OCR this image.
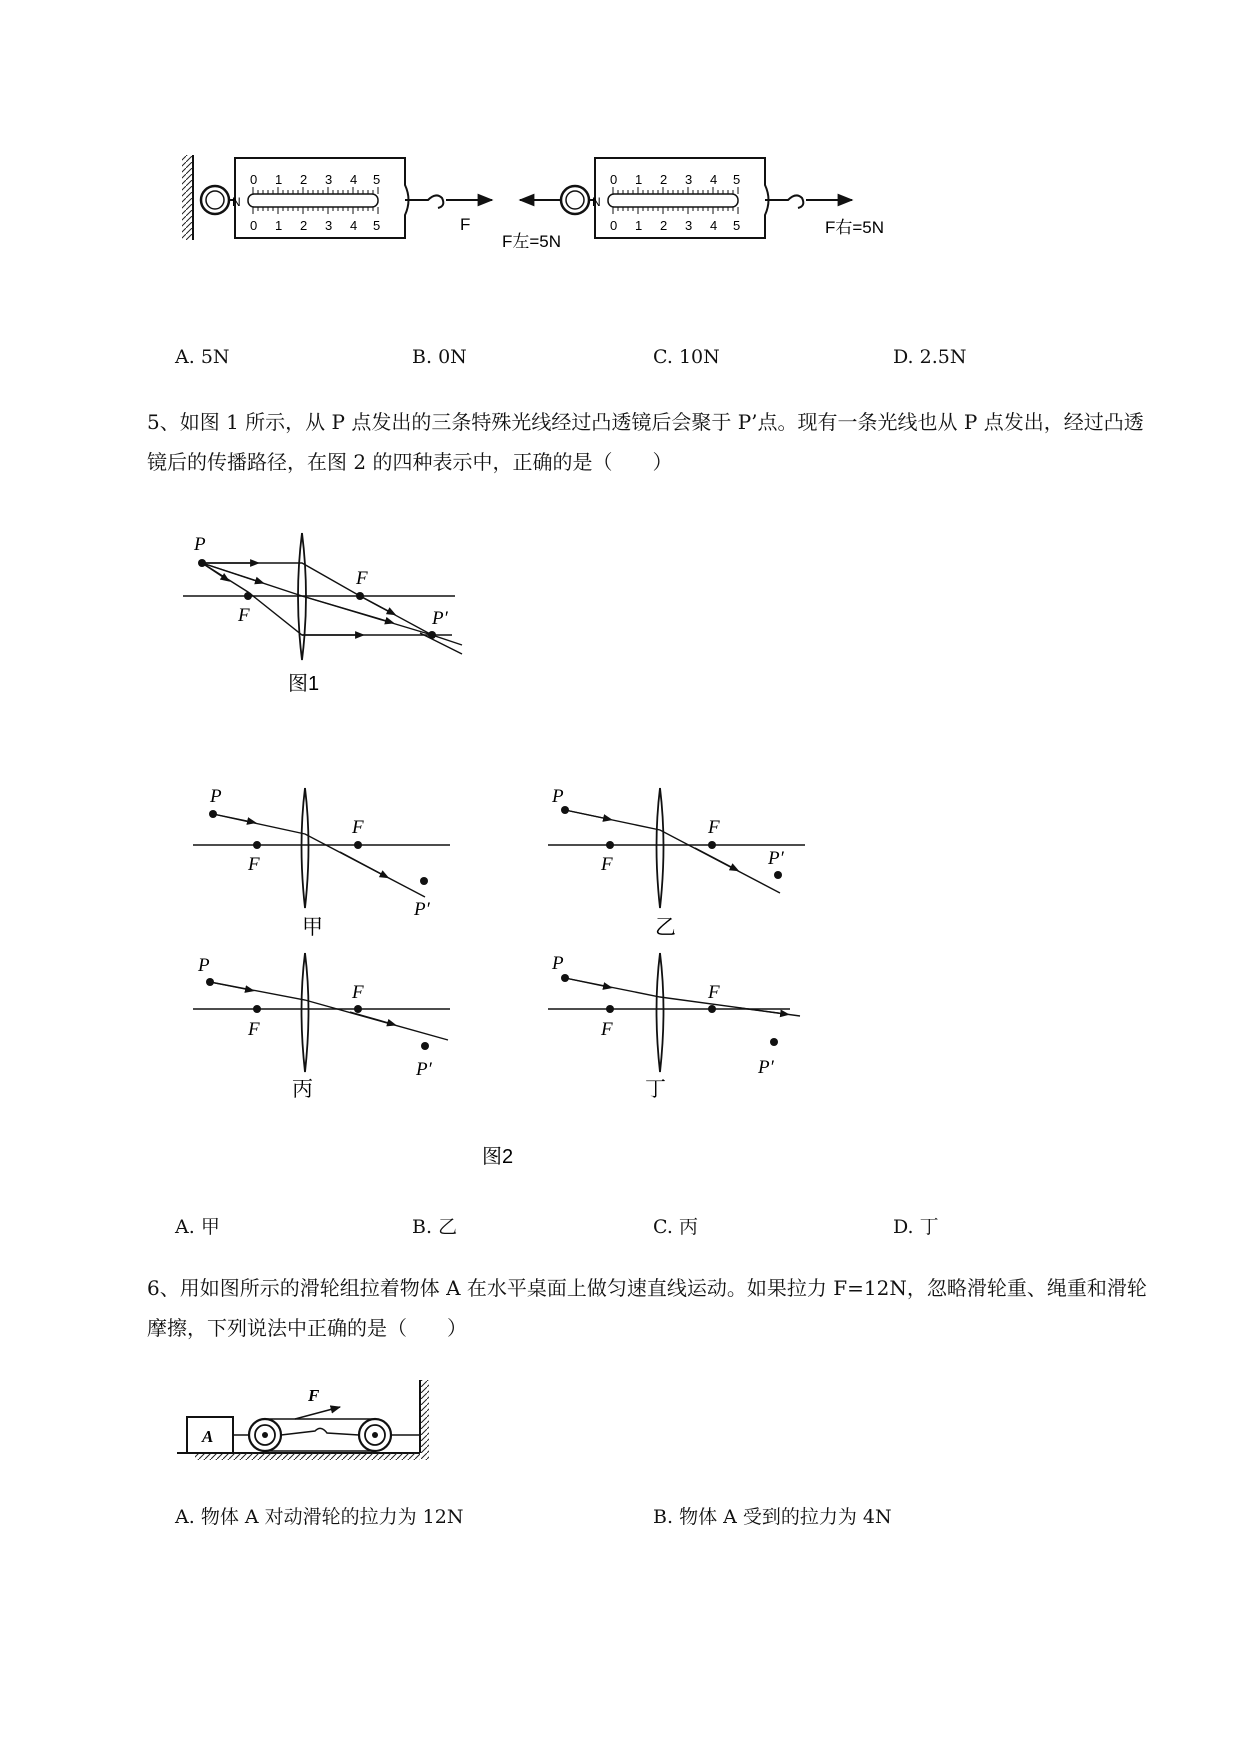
N
0 1 2 3 4 5
0 1 2 3 4 5	F
N
0 1 2 3 4 5
0 1 2 3 4 5
F左=5N
F右=5N
A. 5N	B. 0N	C. 10N	D. 2.5N
5、如图 1 所示，从 P 点发出的三条特殊光线经过凸透镜后会聚于 P’点。现有一条光线也从 P 点发出，经过凸透镜后的传播路径，在图 2 的四种表示中，正确的是（　　）
P
F
F
P′
图1
P
F
F
P′
甲
P
F
F
P′
乙
P
F
F
P′
丙
P
F
F
P′
丁
图2
A. 甲	B. 乙	C. 丙	D. 丁
6、用如图所示的滑轮组拉着物体 A 在水平桌面上做匀速直线运动。如果拉力 F=12N，忽略滑轮重、绳重和滑轮摩擦，下列说法中正确的是（　　）
A
F
A. 物体 A 对动滑轮的拉力为 12N	B. 物体 A 受到的拉力为 4N
